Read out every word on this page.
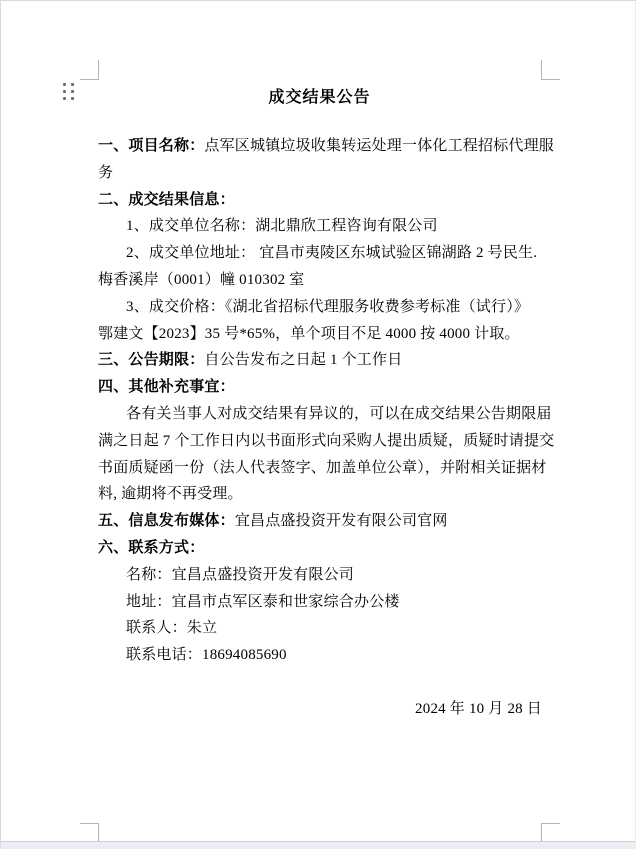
成交结果公告
一、项目名称：点军区城镇垃圾收集转运处理一体化工程招标代理服
务
二、成交结果信息：
1、成交单位名称：湖北鼎欣工程咨询有限公司
2、成交单位地址： 宜昌市夷陵区东城试验区锦湖路 2 号民生.
梅香溪岸（0001）幢 010302 室
3、成交价格：《湖北省招标代理服务收费参考标准（试行）》
鄂建文【2023】35 号*65%，单个项目不足 4000 按 4000 计取。
三、公告期限：自公告发布之日起 1 个工作日
四、其他补充事宜：
各有关当事人对成交结果有异议的，可以在成交结果公告期限届
满之日起 7 个工作日内以书面形式向采购人提出质疑，质疑时请提交
书面质疑函一份（法人代表签字、加盖单位公章），并附相关证据材
料, 逾期将不再受理。
五、信息发布媒体：宜昌点盛投资开发有限公司官网
六、联系方式：
名称：宜昌点盛投资开发有限公司
地址：宜昌市点军区泰和世家综合办公楼
联系人：朱立
联系电话：18694085690
2024 年 10 月 28 日
